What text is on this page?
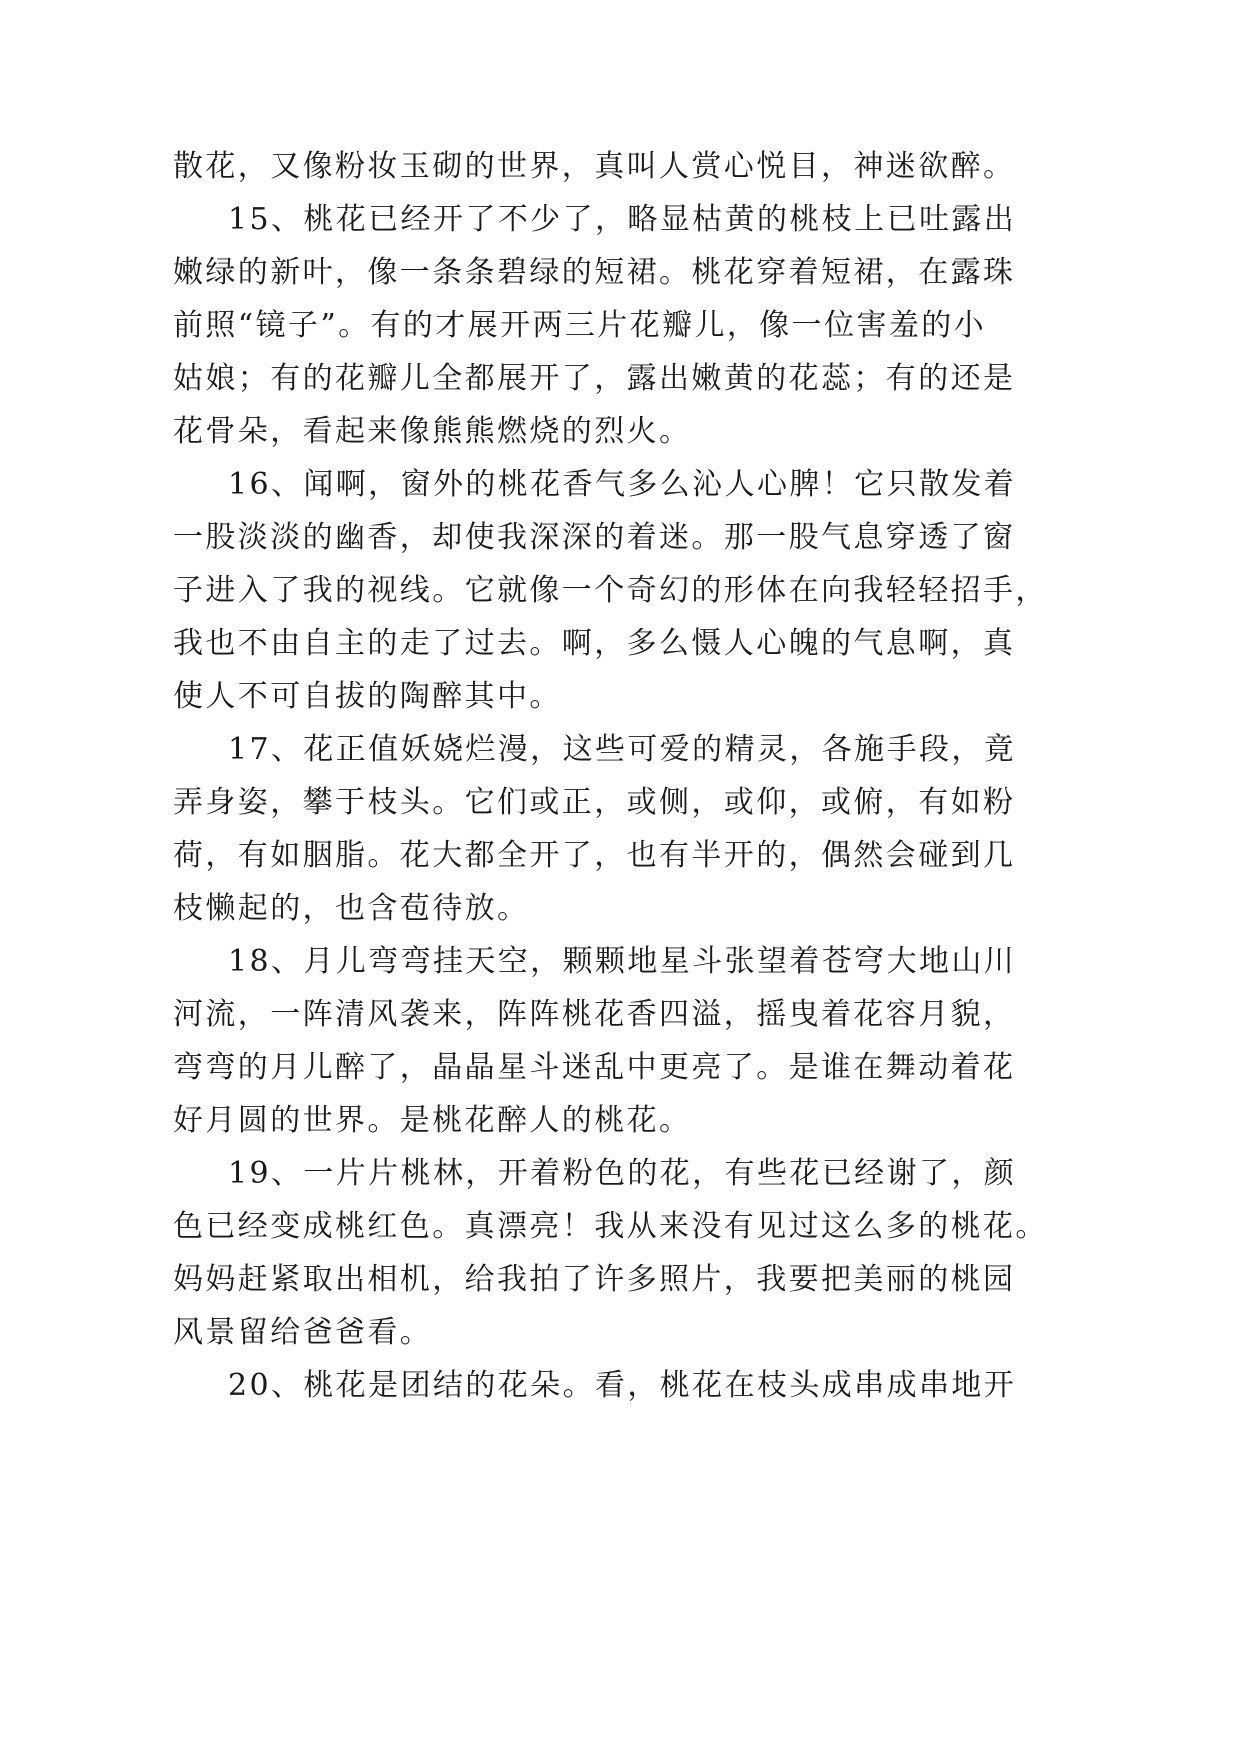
散花，又像粉妆玉砌的世界，真叫人赏心悦目，神迷欲醉。
15、桃花已经开了不少了，略显枯黄的桃枝上已吐露出
嫩绿的新叶，像一条条碧绿的短裙。桃花穿着短裙，在露珠
前照“镜子”。有的才展开两三片花瓣儿，像一位害羞的小
姑娘；有的花瓣儿全都展开了，露出嫩黄的花蕊；有的还是
花骨朵，看起来像熊熊燃烧的烈火。
16、闻啊，窗外的桃花香气多么沁人心脾！它只散发着
一股淡淡的幽香，却使我深深的着迷。那一股气息穿透了窗
子进入了我的视线。它就像一个奇幻的形体在向我轻轻招手，
我也不由自主的走了过去。啊，多么慑人心魄的气息啊，真
使人不可自拔的陶醉其中。
17、花正值妖娆烂漫，这些可爱的精灵，各施手段，竟
弄身姿，攀于枝头。它们或正，或侧，或仰，或俯，有如粉
荷，有如胭脂。花大都全开了，也有半开的，偶然会碰到几
枝懒起的，也含苞待放。
18、月儿弯弯挂天空，颗颗地星斗张望着苍穹大地山川
河流，一阵清风袭来，阵阵桃花香四溢，摇曳着花容月貌，
弯弯的月儿醉了，晶晶星斗迷乱中更亮了。是谁在舞动着花
好月圆的世界。是桃花醉人的桃花。
19、一片片桃林，开着粉色的花，有些花已经谢了，颜
色已经变成桃红色。真漂亮！我从来没有见过这么多的桃花。
妈妈赶紧取出相机，给我拍了许多照片，我要把美丽的桃园
风景留给爸爸看。
20、桃花是团结的花朵。看，桃花在枝头成串成串地开
